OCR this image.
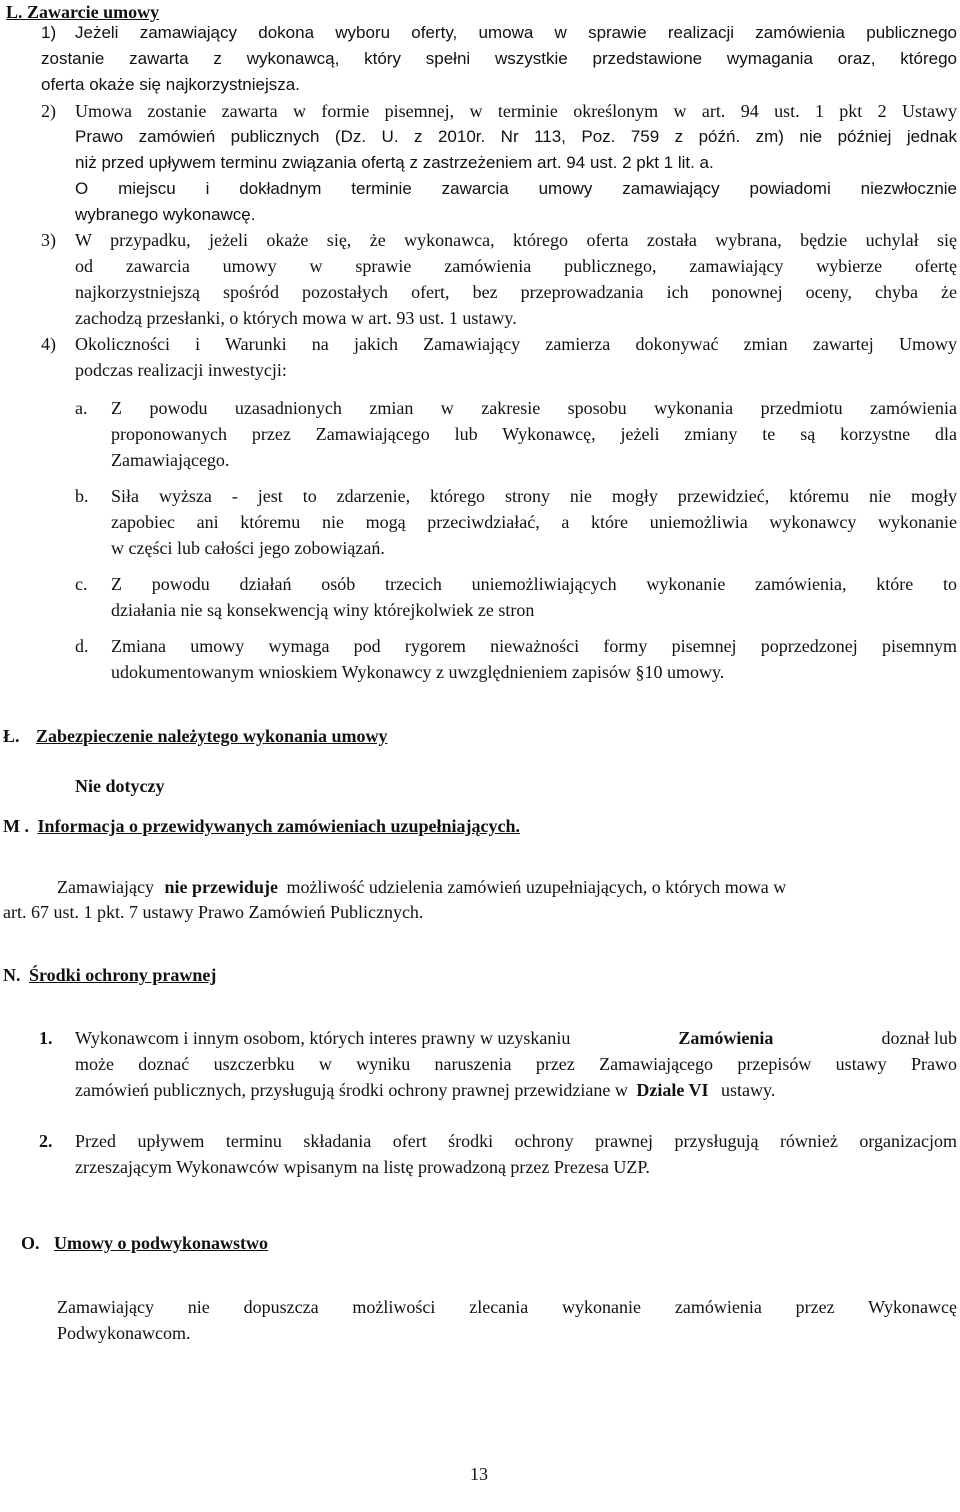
L. Zawarcie umowy
1) Jeżeli zamawiający dokona wyboru oferty, umowa w sprawie realizacji zamówienia publicznego
zostanie zawarta z wykonawcą, który spełni wszystkie przedstawione wymagania oraz, którego
oferta okaże się najkorzystniejsza.
2) Umowa zostanie zawarta w formie pisemnej, w terminie określonym w art. 94 ust. 1 pkt 2 Ustawy
Prawo zamówień publicznych (Dz. U. z 2010r. Nr 113, Poz. 759 z późń. zm) nie później jednak
niż przed upływem terminu związania ofertą z zastrzeżeniem art. 94 ust. 2 pkt 1 lit. a.
O miejscu i dokładnym terminie zawarcia umowy zamawiający powiadomi niezwłocznie
wybranego wykonawcę.
3) W przypadku, jeżeli okaże się, że wykonawca, którego oferta została wybrana, będzie uchylał się
od zawarcia umowy w sprawie zamówienia publicznego, zamawiający wybierze ofertę
najkorzystniejszą spośród pozostałych ofert, bez przeprowadzania ich ponownej oceny, chyba że
zachodzą przesłanki, o których mowa w art. 93 ust. 1 ustawy.
4) Okoliczności i Warunki na jakich Zamawiający zamierza dokonywać zmian zawartej Umowy
podczas realizacji inwestycji:
a. Z powodu uzasadnionych zmian w zakresie sposobu wykonania przedmiotu zamówienia
proponowanych przez Zamawiającego lub Wykonawcę, jeżeli zmiany te są korzystne dla
Zamawiającego.
b. Siła wyższa - jest to zdarzenie, którego strony nie mogły przewidzieć, któremu nie mogły
zapobiec ani któremu nie mogą przeciwdziałać, a które uniemożliwia wykonawcy wykonanie
w części lub całości jego zobowiązań.
c. Z powodu działań osób trzecich uniemożliwiających wykonanie zamówienia, które to
działania nie są konsekwencją winy którejkolwiek ze stron
d. Zmiana umowy wymaga pod rygorem nieważności formy pisemnej poprzedzonej pisemnym
udokumentowanym wnioskiem Wykonawcy z uwzględnieniem zapisów §10 umowy.
Ł. Zabezpieczenie należytego wykonania umowy
Nie dotyczy
M . Informacja o przewidywanych zamówieniach uzupełniających.
Zamawiający nie przewiduje możliwość udzielenia zamówień uzupełniających, o których mowa w
art. 67 ust. 1 pkt. 7 ustawy Prawo Zamówień Publicznych.
N. Środki ochrony prawnej
1. Wykonawcom i innym osobom, których interes prawny w uzyskaniu	Zamówienia	doznał lub
może doznać uszczerbku w wyniku naruszenia przez Zamawiającego przepisów ustawy Prawo
zamówień publicznych, przysługują środki ochrony prawnej przewidziane w Dziale VI ustawy.
2. Przed upływem terminu składania ofert środki ochrony prawnej przysługują również organizacjom
zrzeszającym Wykonawców wpisanym na listę prowadzoną przez Prezesa UZP.
O. Umowy o podwykonawstwo
Zamawiający nie dopuszcza możliwości zlecania wykonanie zamówienia przez Wykonawcę
Podwykonawcom.
13
